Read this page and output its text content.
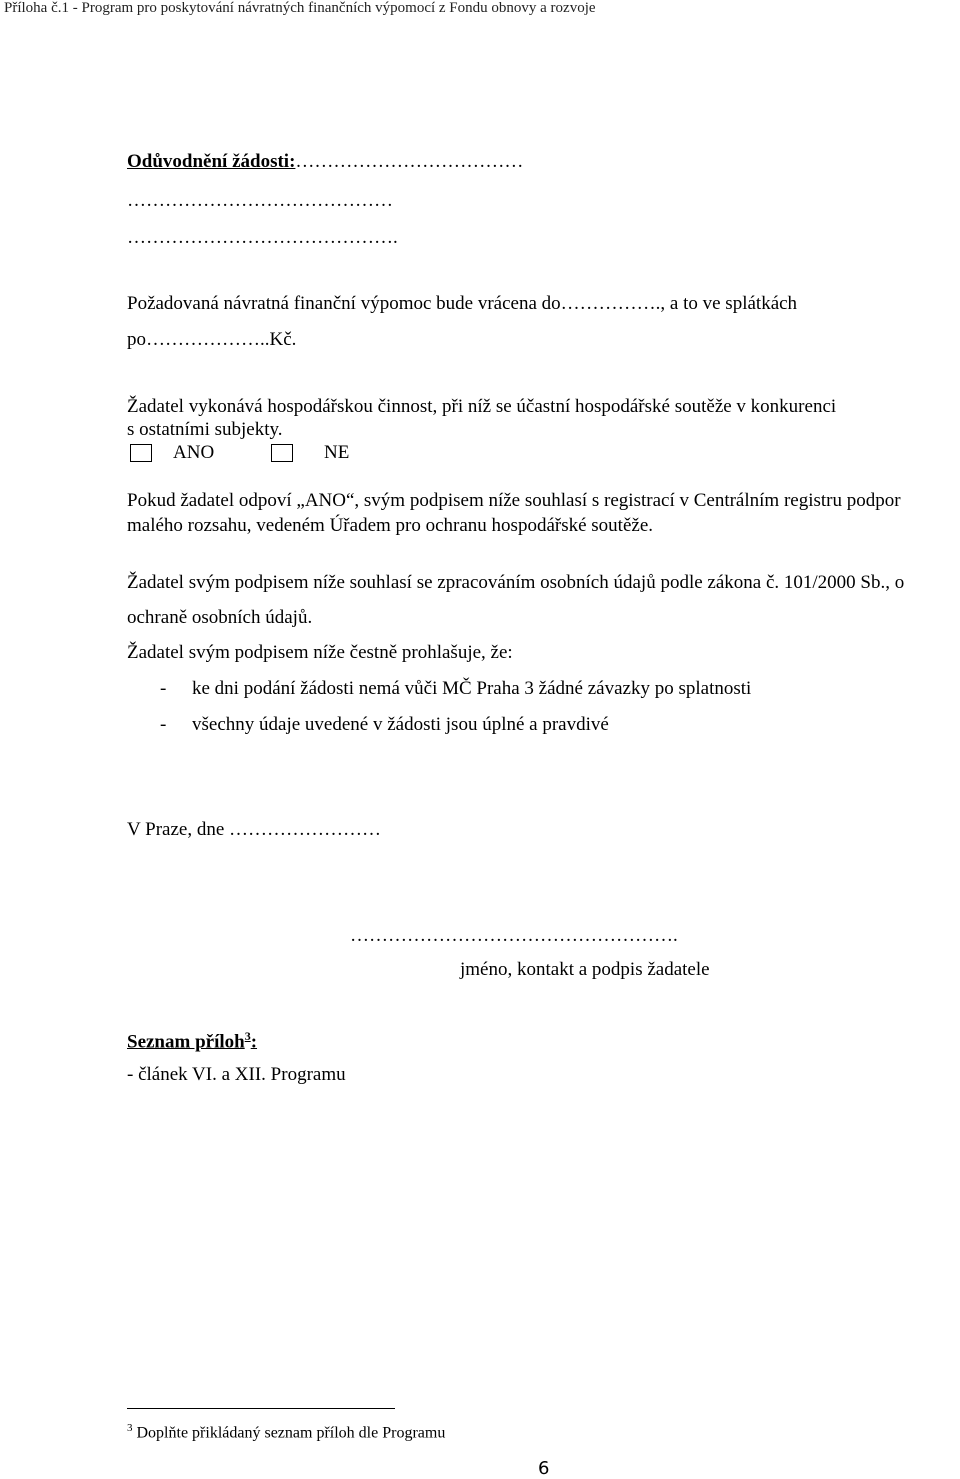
Příloha č.1 - Program pro poskytování návratných finančních výpomocí z Fondu obnovy a rozvoje
Odůvodnění žádosti:………………………………
……………………………………
…………………………………….
Požadovaná návratná finanční výpomoc bude vrácena do……………., a to ve splátkách
po………………..Kč.
Žadatel vykonává hospodářskou činnost, při níž se účastní hospodářské soutěže v konkurenci
s ostatními subjekty.
ANO	NE
Pokud žadatel odpoví „ANO“, svým podpisem níže souhlasí s registrací v Centrálním registru podpor
malého rozsahu, vedeném Úřadem pro ochranu hospodářské soutěže.
Žadatel svým podpisem níže souhlasí se zpracováním osobních údajů podle zákona č. 101/2000 Sb., o
ochraně osobních údajů.
Žadatel svým podpisem níže čestně prohlašuje, že:
- ke dni podání žádosti nemá vůči MČ Praha 3 žádné závazky po splatnosti
- všechny údaje uvedené v žádosti jsou úplné a pravdivé
V Praze, dne ……………………
…………………………………………….
jméno, kontakt a podpis žadatele
Seznam příloh$^3$:
- článek VI. a XII. Programu
$^3$ Doplňte přikládaný seznam příloh dle Programu
6
